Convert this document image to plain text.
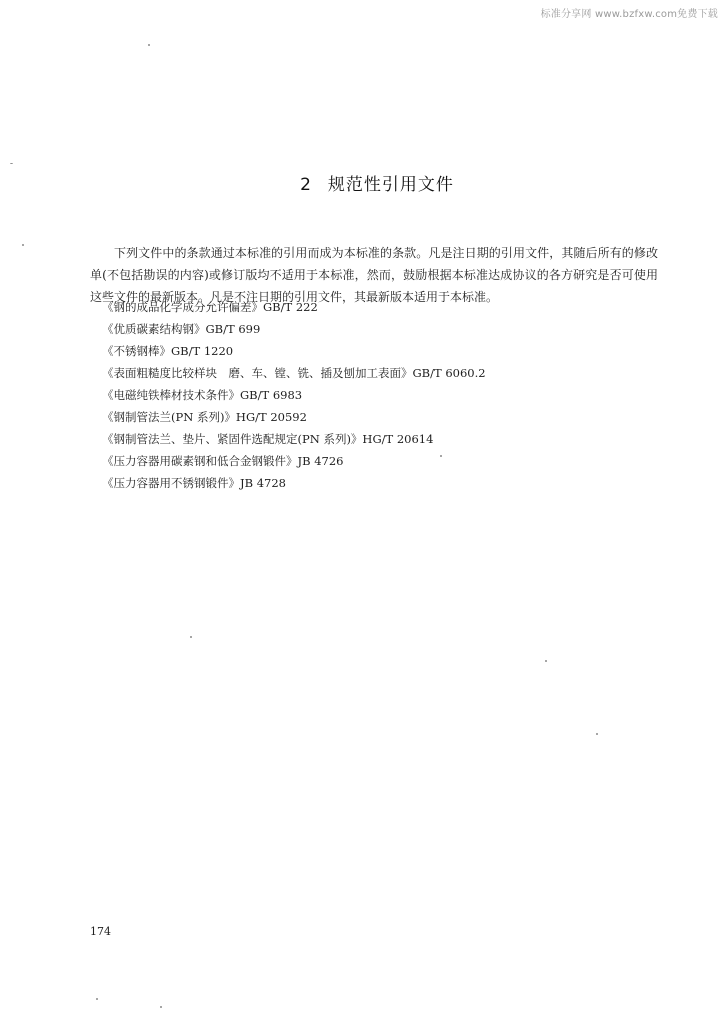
标准分享网 www.bzfxw.com免费下载
2 规范性引用文件

下列文件中的条款通过本标准的引用而成为本标准的条款。凡是注日期的引用文件，其随后所有的修改单(不包括勘误的内容)或修订版均不适用于本标准，然而，鼓励根据本标准达成协议的各方研究是否可使用这些文件的最新版本。凡是不注日期的引用文件，其最新版本适用于本标准。

《钢的成品化学成分允许偏差》GB/T 222
《优质碳素结构钢》GB/T 699
《不锈钢棒》GB/T 1220
《表面粗糙度比较样块　磨、车、镗、铣、插及刨加工表面》GB/T 6060.2
《电磁纯铁棒材技术条件》GB/T 6983
《钢制管法兰(PN 系列)》HG/T 20592
《钢制管法兰、垫片、紧固件选配规定(PN 系列)》HG/T 20614
《压力容器用碳素钢和低合金钢锻件》JB 4726
《压力容器用不锈钢锻件》JB 4728
174
